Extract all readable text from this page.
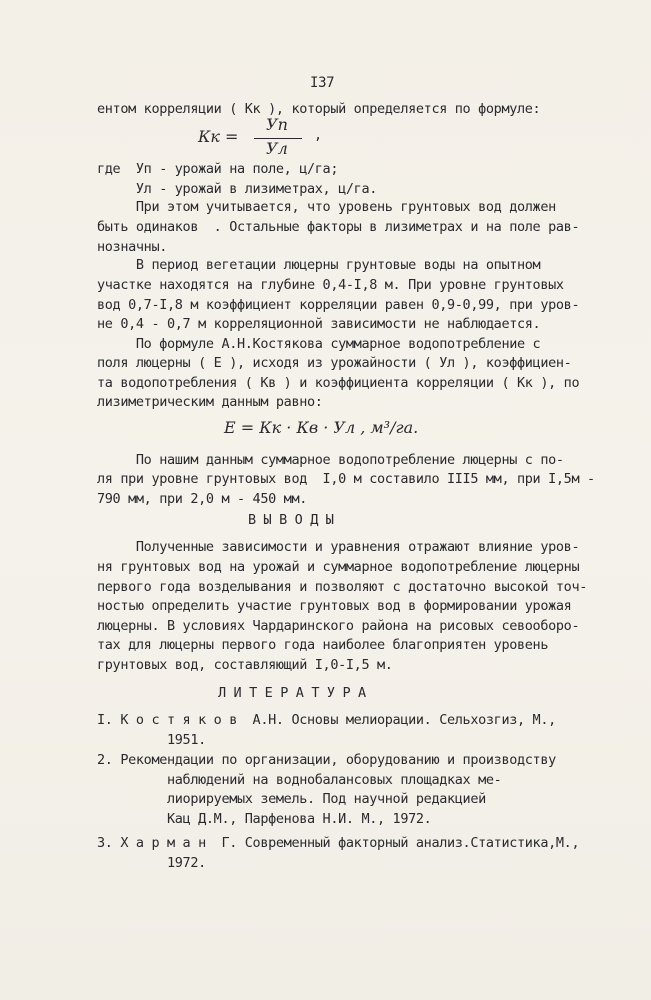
I37
ентом корреляции ( Кк ), который определяется по формуле:
Кк =
Уп
Ул
,
где  Уп - урожай на поле, ц/га;
Ул - урожай в лизиметрах, ц/га.
При этом учитывается, что уровень грунтовых вод должен
быть одинаков  . Остальные факторы в лизиметрах и на поле рав-
нозначны.
В период вегетации люцерны грунтовые воды на опытном
участке находятся на глубине 0,4-I,8 м. При уровне грунтовых
вод 0,7-I,8 м коэффициент корреляции равен 0,9-0,99, при уров-
не 0,4 - 0,7 м корреляционной зависимости не наблюдается.
По формуле А.Н.Костякова суммарное водопотребление с
поля люцерны ( Е ), исходя из урожайности ( Ул ), коэффициен-
та водопотребления ( Кв ) и коэффициента корреляции ( Кк ), по
лизиметрическим данным равно:
Е = Кк · Кв · Ул , м³/га.
По нашим данным суммарное водопотребление люцерны с по-
ля при уровне грунтовых вод  I,0 м составило III5 мм, при I,5м -
790 мм, при 2,0 м - 450 мм.
В Ы В О Д Ы
Полученные зависимости и уравнения отражают влияние уров-
ня грунтовых вод на урожай и суммарное водопотребление люцерны
первого года возделывания и позволяют с достаточно высокой точ-
ностью определить участие грунтовых вод в формировании урожая
люцерны. В условиях Чардаринского района на рисовых севооборо-
тах для люцерны первого года наиболее благоприятен уровень
грунтовых вод, составляющий I,0-I,5 м.
Л И Т Е Р А Т У Р А
I. К о с т я к о в  А.Н. Основы мелиорации. Сельхозгиз, М.,
1951.
2. Рекомендации по организации, оборудованию и производству
наблюдений на воднобалансовых площадках ме-
лиорируемых земель. Под научной редакцией
Кац Д.М., Парфенова Н.И. М., 1972.
3. Х а р м а н  Г. Современный факторный анализ.Статистика,М.,
1972.
